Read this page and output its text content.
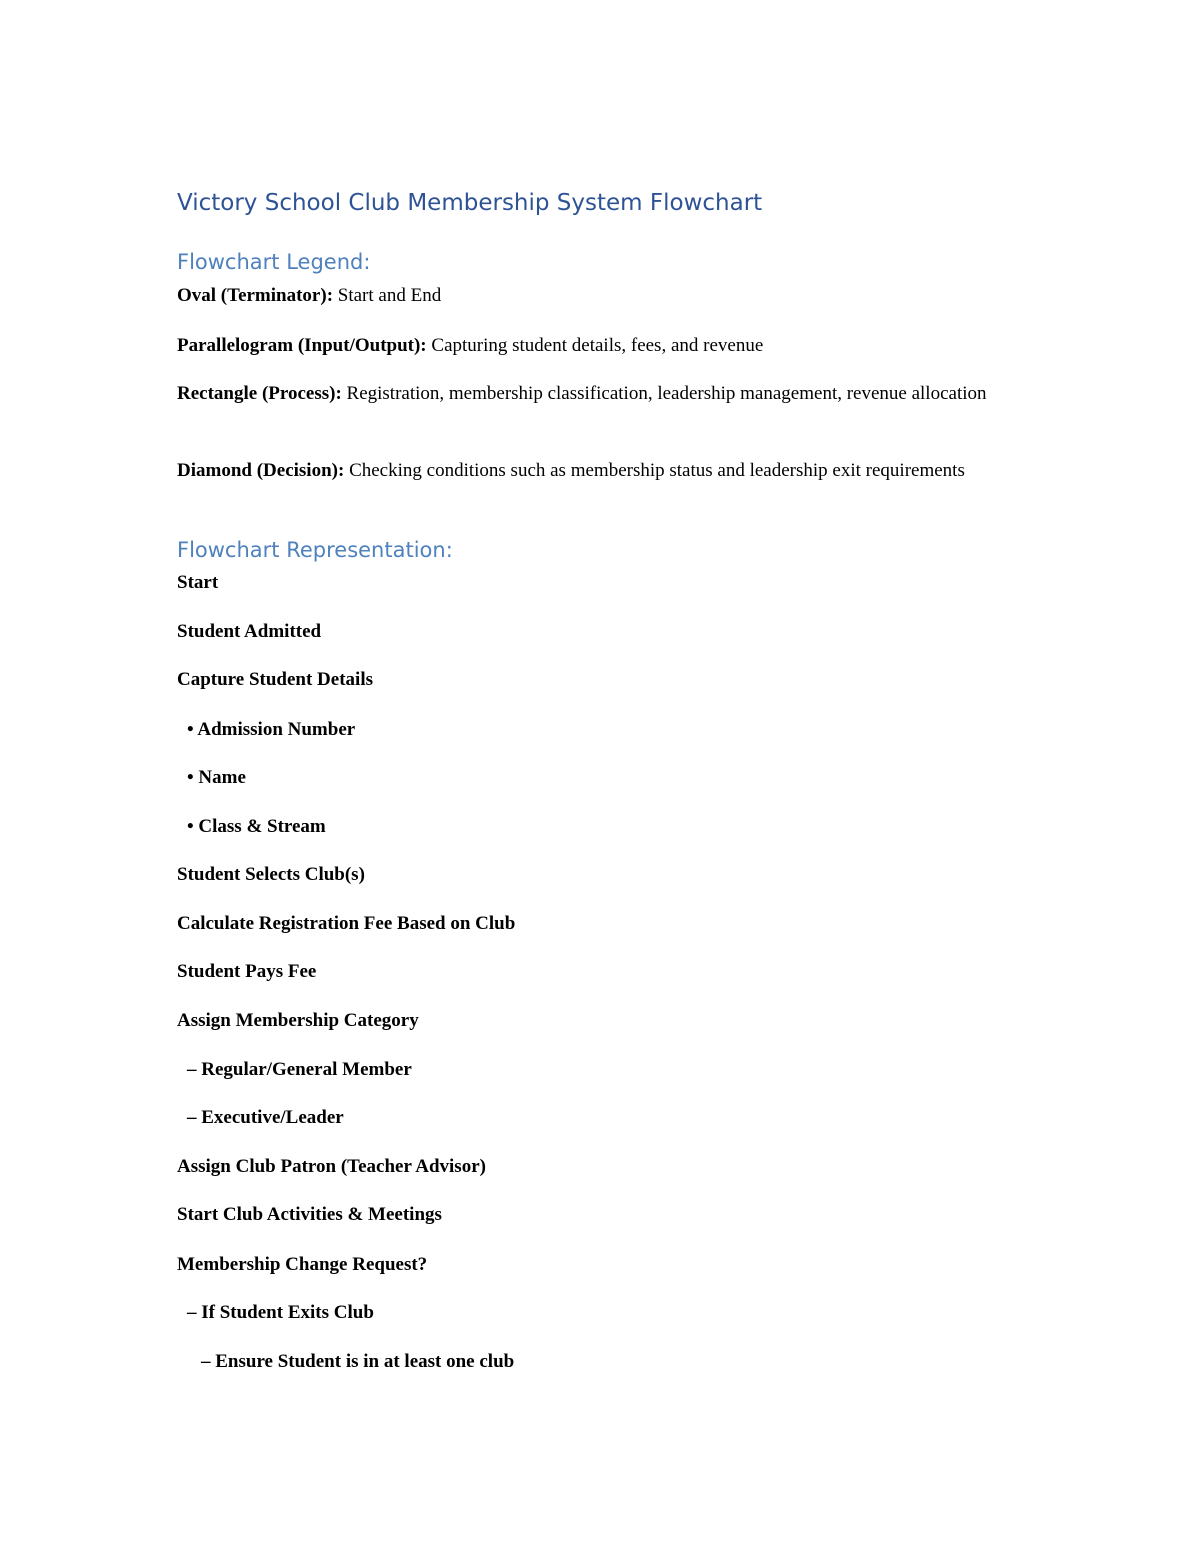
Victory School Club Membership System Flowchart
Flowchart Legend:
Oval (Terminator): Start and End
Parallelogram (Input/Output): Capturing student details, fees, and revenue
Rectangle (Process): Registration, membership classification, leadership management, revenue allocation
Diamond (Decision): Checking conditions such as membership status and leadership exit requirements
Flowchart Representation:
Start
Student Admitted
Capture Student Details
• Admission Number
• Name
• Class & Stream
Student Selects Club(s)
Calculate Registration Fee Based on Club
Student Pays Fee
Assign Membership Category
– Regular/General Member
– Executive/Leader
Assign Club Patron (Teacher Advisor)
Start Club Activities & Meetings
Membership Change Request?
– If Student Exits Club
– Ensure Student is in at least one club
